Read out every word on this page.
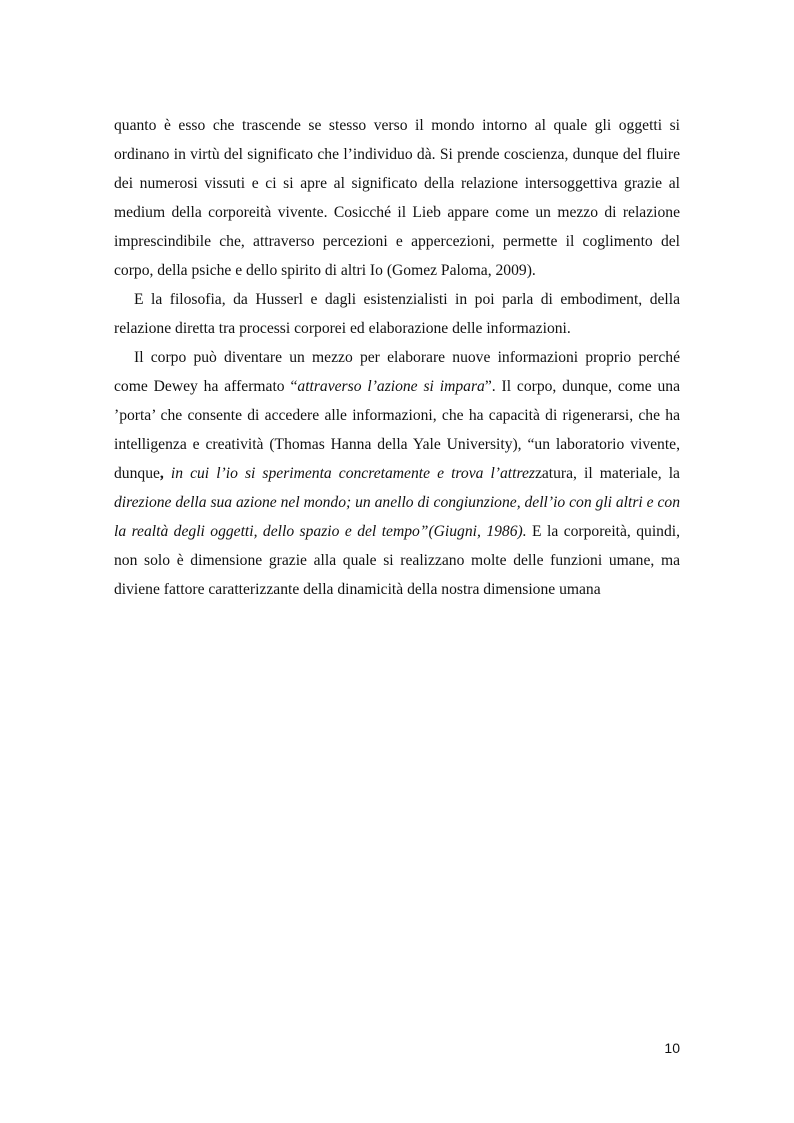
quanto è esso che trascende se stesso verso il mondo intorno al quale gli oggetti si ordinano in virtù del significato che l’individuo dà. Si prende coscienza, dunque del fluire dei numerosi vissuti e ci si apre al significato della relazione intersoggettiva grazie al medium della corporeità vivente. Cosicché il Lieb appare come un mezzo di relazione imprescindibile che, attraverso percezioni e appercezioni, permette il coglimento del corpo, della psiche e dello spirito di altri Io (Gomez Paloma, 2009).

E la filosofia, da Husserl e dagli esistenzialisti in poi parla di embodiment, della relazione diretta tra processi corporei ed elaborazione delle informazioni.

Il corpo può diventare un mezzo per elaborare nuove informazioni proprio perché come Dewey ha affermato “attraverso l’azione si impara”. Il corpo, dunque, come una ’porta’ che consente di accedere alle informazioni, che ha capacità di rigenerarsi, che ha intelligenza e creatività (Thomas Hanna della Yale University), “un laboratorio vivente, dunque, in cui l’io si sperimenta concretamente e trova l’attrezzatura, il materiale, la direzione della sua azione nel mondo; un anello di congiunzione, dell’io con gli altri e con la realtà degli oggetti, dello spazio e del tempo”(Giugni, 1986). E la corporeità, quindi, non solo è dimensione grazie alla quale si realizzano molte delle funzioni umane, ma diviene fattore caratterizzante della dinamicità della nostra dimensione umana

10
